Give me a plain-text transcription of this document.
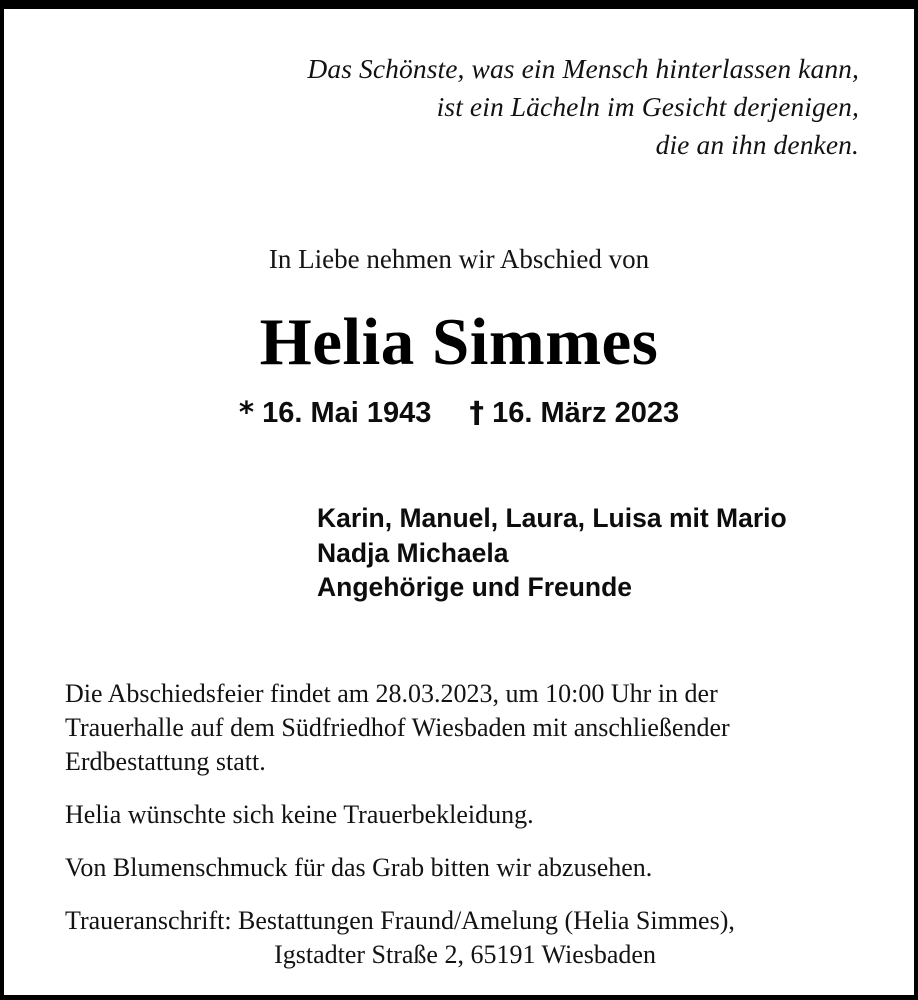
Das Schönste, was ein Mensch hinterlassen kann,
ist ein Lächeln im Gesicht derjenigen,
die an ihn denken.
In Liebe nehmen wir Abschied von
Helia Simmes
* 16. Mai 1943 † 16. März 2023
Karin, Manuel, Laura, Luisa mit Mario
Nadja Michaela
Angehörige und Freunde

Die Abschiedsfeier findet am 28.03.2023, um 10:00 Uhr in der
Trauerhalle auf dem Südfriedhof Wiesbaden mit anschließender
Erdbestattung statt.

Helia wünschte sich keine Trauerbekleidung.

Von Blumenschmuck für das Grab bitten wir abzusehen.

Traueranschrift: Bestattungen Fraund/Amelung (Helia Simmes),
Igstadter Straße 2, 65191 Wiesbaden
